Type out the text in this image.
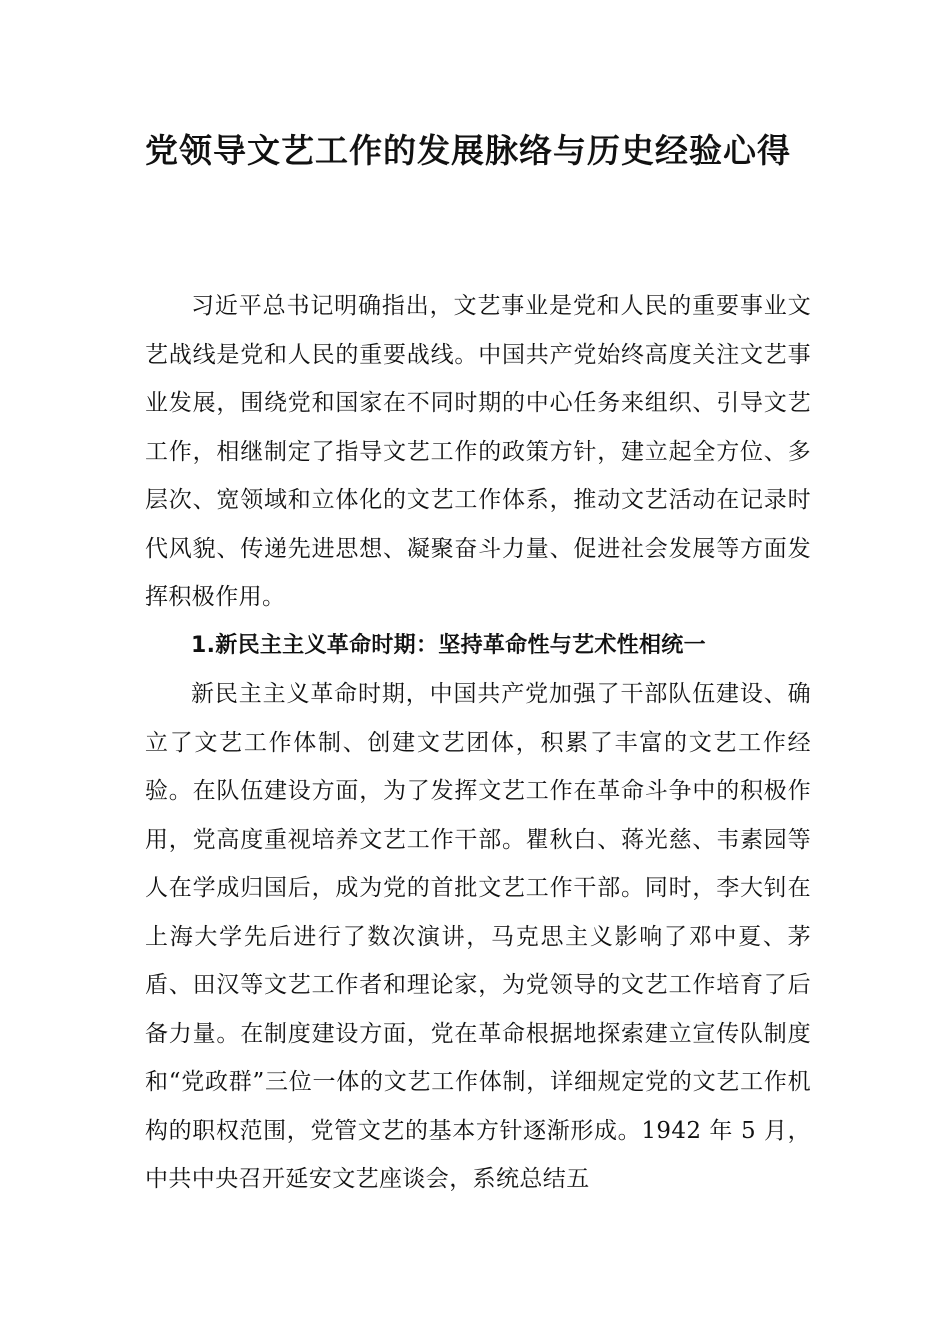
党领导文艺工作的发展脉络与历史经验心得

习近平总书记明确指出，文艺事业是党和人民的重要事业文艺战线是党和人民的重要战线。中国共产党始终高度关注文艺事业发展，围绕党和国家在不同时期的中心任务来组织、引导文艺工作，相继制定了指导文艺工作的政策方针，建立起全方位、多层次、宽领域和立体化的文艺工作体系，推动文艺活动在记录时代风貌、传递先进思想、凝聚奋斗力量、促进社会发展等方面发挥积极作用。

1.新民主主义革命时期：坚持革命性与艺术性相统一

新民主主义革命时期，中国共产党加强了干部队伍建设、确立了文艺工作体制、创建文艺团体，积累了丰富的文艺工作经验。在队伍建设方面，为了发挥文艺工作在革命斗争中的积极作用，党高度重视培养文艺工作干部。瞿秋白、蒋光慈、韦素园等人在学成归国后，成为党的首批文艺工作干部。同时，李大钊在上海大学先后进行了数次演讲，马克思主义影响了邓中夏、茅盾、田汉等文艺工作者和理论家，为党领导的文艺工作培育了后备力量。在制度建设方面，党在革命根据地探索建立宣传队制度和“党政群”三位一体的文艺工作体制，详细规定党的文艺工作机构的职权范围，党管文艺的基本方针逐渐形成。1942 年 5 月，中共中央召开延安文艺座谈会，系统总结五
